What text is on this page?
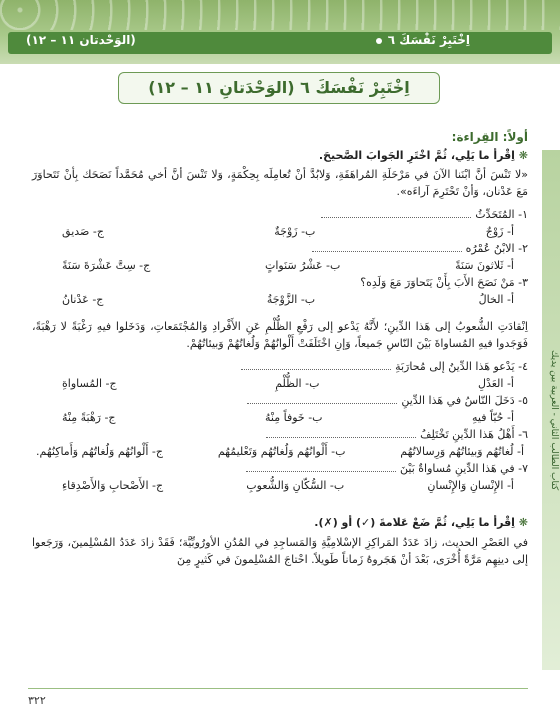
اِخْتَبِرْ نَفْسَكَ ٦
(الوَحْدتان ١١ – ١٢)
كتاب الطالب الثاني - العربية بين يديك
اِخْتَبِرْ نَفْسَكَ ٦ (الوَحْدَتانِ ١١ – ١٢)

أولاً: القِراءة:

❋ اِقْرأ ما يَلِي، ثُمَّ اخْتَرِ الجَوابَ الصَّحيحَ.

«لا تَنْسَ أنَّ ابْنَنا الآنَ في مَرْحَلَةِ المُراهَقَةِ، وَلابُدَّ أنْ تُعامِلَه بِحِكْمَةٍ، وَلا تَنْسَ أنَّ أخي مُحَمَّداً نَصَحَك بِأنْ تَتَحاوَرَ مَعَ عَدْنان، وَأنْ تَحْتَرِمَ آراءَه».

١- المُتَحَدِّثُ

أ- زَوْجٌ
ب- زَوْجَةٌ
ج- صَديق

٢- الابْنُ عُمْرُه

أ- ثَلاثونَ سَنَةً
ب- عَشْرُ سَنَواتٍ
ج- سِتَّ عَشْرَةَ سَنَةً

٣- مَنْ نَصَحَ الأَبَ بِأَنْ يَتَحاوَرَ مَعَ وَلَدِه؟

أ- الخالُ
ب- الزَّوْجَةُ
ج- عَدْنانُ

اِنْقادَتِ الشُّعوبُ إلى هَذا الدِّينِ؛ لأَنَّهُ يَدْعو إلى رَفْعِ الظُّلْمِ عَنِ الأَفْرادِ وَالمُجْتَمَعاتِ، وَدَخَلوا فيهِ رَغْبَةً لا رَهْبَةً، فَوَجَدوا فيهِ المُساواةَ بَيْنَ النّاسِ جَميعاً، وَإنِ اخْتَلَفَتْ أَلْوانُهُمْ وَلُغاتُهُمْ وَبيئاتُهُمْ.

٤- يَدْعو هَذا الدِّينُ إلى مُحارَبَةِ

أ- العَدْلِ
ب- الظُّلْمِ
ج- المُساواةِ

٥- دَخَلَ النّاسُ في هَذا الدِّينِ

أ- حُبّاً فيهِ
ب- خَوفاً مِنْهُ
ج- رَهْبَةً مِنْهُ

٦- أَهْلُ هَذا الدِّينِ تَخْتَلِفُ

أ- لُغاتُهُم وَبيئاتُهُم وَرِسالاتُهُم
ب- أَلْوانُهُم وَلُغاتُهُم وَتَعْليمُهُم
ج- أَلْوانُهُم وَلُغاتُهُم وَأَماكِنُهُم.

٧- في هَذا الدِّينِ مُساواةٌ بَيْنَ

أ- الإِنْسانِ وَالإِنْسانِ
ب- السُّكّانِ وَالشُّعوبِ
ج- الأَصْحابِ وَالأَصْدِقاءِ

❋ اِقْرأ ما يَلِي، ثُمَّ ضَعْ عَلامةَ (✓) أو (✗).

في العَصْرِ الحديث، زادَ عَدَدُ المَراكِزِ الإسْلامِيَّةِ وَالمَساجِدِ في المُدُنِ الأورُوبِّيَّة؛ فَقَدْ زادَ عَدَدُ المُسْلِمينَ، وَرَجَعوا إلى دينِهِم مَرَّةً أُخْرَى، بَعْدَ أنْ هَجَروهُ زَماناً طَويلاً. احْتاجَ المُسْلِمونَ في كَثيرٍ مِنَ

٣٢٢
